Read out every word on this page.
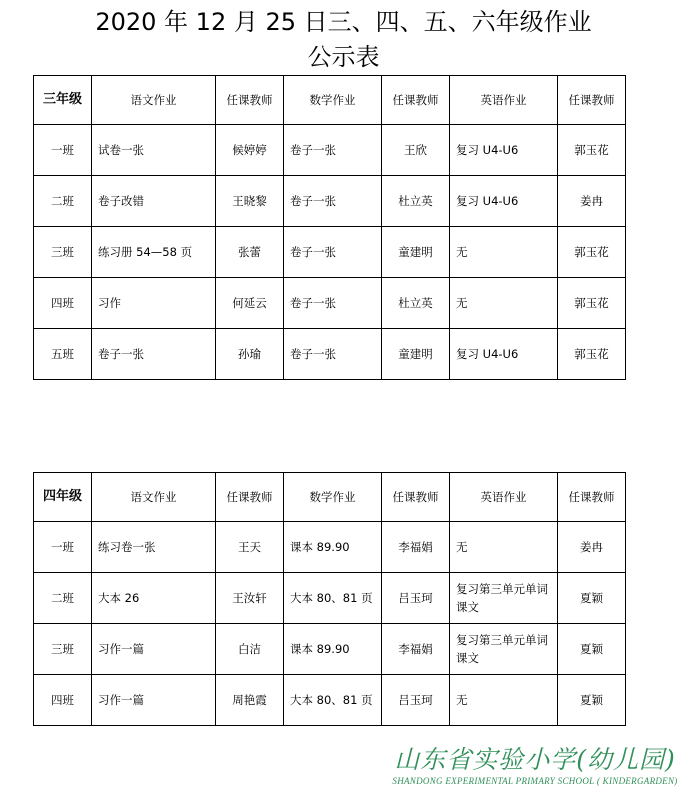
2020 年 12 月 25 日三、四、五、六年级作业
公示表
三年级	语文作业	任课教师	数学作业	任课教师	英语作业	任课教师
一班	试卷一张	候婷婷	卷子一张	王欣	复习 U4-U6	郭玉花
二班	卷子改错	王晓黎	卷子一张	杜立英	复习 U4-U6	姜冉
三班	练习册 54—58 页	张蕾	卷子一张	童建明	无	郭玉花
四班	习作	何延云	卷子一张	杜立英	无	郭玉花
五班	卷子一张	孙瑜	卷子一张	童建明	复习 U4-U6	郭玉花
四年级	语文作业	任课教师	数学作业	任课教师	英语作业	任课教师
一班	练习卷一张	王天	课本 89.90	李福娟	无	姜冉
二班	大本 26	王汝轩	大本 80、81 页	吕玉珂	复习第三单元单词 课文	夏颖
三班	习作一篇	白洁	课本 89.90	李福娟	复习第三单元单词 课文	夏颖
四班	习作一篇	周艳霞	大本 80、81 页	吕玉珂	无	夏颖
山东省实验小学(幼儿园)
SHANDONG EXPERIMENTAL PRIMARY SCHOOL ( KINDERGARDEN)
